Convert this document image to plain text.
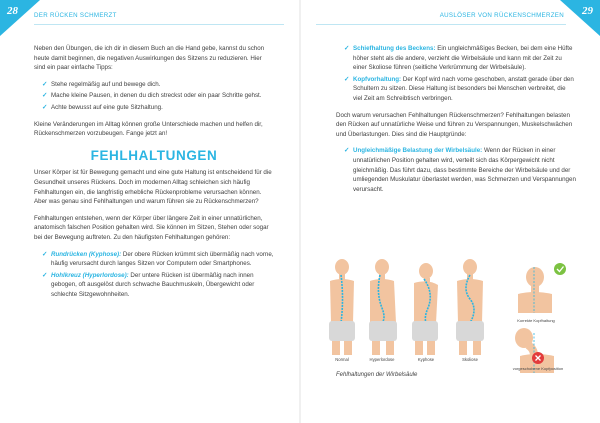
28	DER RÜCKEN SCHMERZT

Neben den Übungen, die ich dir in diesem Buch an die Hand gebe, kannst du schon heute damit beginnen, die negativen Auswirkungen des Sitzens zu reduzieren. Hier sind ein paar einfache Tipps:

✓ Stehe regelmäßig auf und bewege dich.
✓ Mache kleine Pausen, in denen du dich streckst oder ein paar Schritte gehst.
✓ Achte bewusst auf eine gute Sitzhaltung.

Kleine Veränderungen im Alltag können große Unterschiede machen und helfen dir, Rückenschmerzen vorzubeugen. Fange jetzt an!

FEHLHALTUNGEN

Unser Körper ist für Bewegung gemacht und eine gute Haltung ist entscheidend für die Gesundheit unseres Rückens. Doch im modernen Alltag schleichen sich häufig Fehlhaltungen ein, die langfristig erhebliche Rückenprobleme verursachen können. Aber was genau sind Fehlhaltungen und warum führen sie zu Rückenschmerzen?

Fehlhaltungen entstehen, wenn der Körper über längere Zeit in einer unnatürlichen, anatomisch falschen Position gehalten wird. Sie können im Sitzen, Stehen oder sogar bei der Bewegung auftreten. Zu den häufigsten Fehlhaltungen gehören:

✓ Rundrücken (Kyphose): Der obere Rücken krümmt sich übermäßig nach vorne, häufig verursacht durch langes Sitzen vor Computern oder Smartphones.
✓ Hohlkreuz (Hyperlordose): Der untere Rücken ist übermäßig nach innen gebogen, oft ausgelöst durch schwache Bauchmuskeln, Übergewicht oder schlechte Sitzgewohnheiten.
29
AUSLÖSER VON RÜCKENSCHMERZEN
✓ Schiefhaltung des Beckens: Ein ungleichmäßiges Becken, bei dem eine Hüfte höher steht als die andere, verzieht die Wirbelsäule und kann mit der Zeit zu einer Skoliose führen (seitliche Verkrümmung der Wirbelsäule).
✓ Kopfvorhaltung: Der Kopf wird nach vorne geschoben, anstatt gerade über den Schultern zu sitzen. Diese Haltung ist besonders bei Menschen verbreitet, die viel Zeit am Schreibtisch verbringen.

Doch warum verursachen Fehlhaltungen Rückenschmerzen? Fehlhaltungen belasten den Rücken auf unnatürliche Weise und führen zu Verspannungen, Muskelschwächen und Überlastungen. Dies sind die Hauptgründe:

✓ Ungleichmäßige Belastung der Wirbelsäule: Wenn der Rücken in einer unnatürlichen Position gehalten wird, verteilt sich das Körpergewicht nicht gleichmäßig. Das führt dazu, dass bestimmte Bereiche der Wirbelsäule und der umliegenden Muskulatur überlastet werden, was Schmerzen und Verspannungen verursacht.
Normal	Hyperlordose	Kyphose	Skoliose
Korrekte Kopfhaltung
vorgeschobene Kopfposition
Fehlhaltungen der Wirbelsäule
